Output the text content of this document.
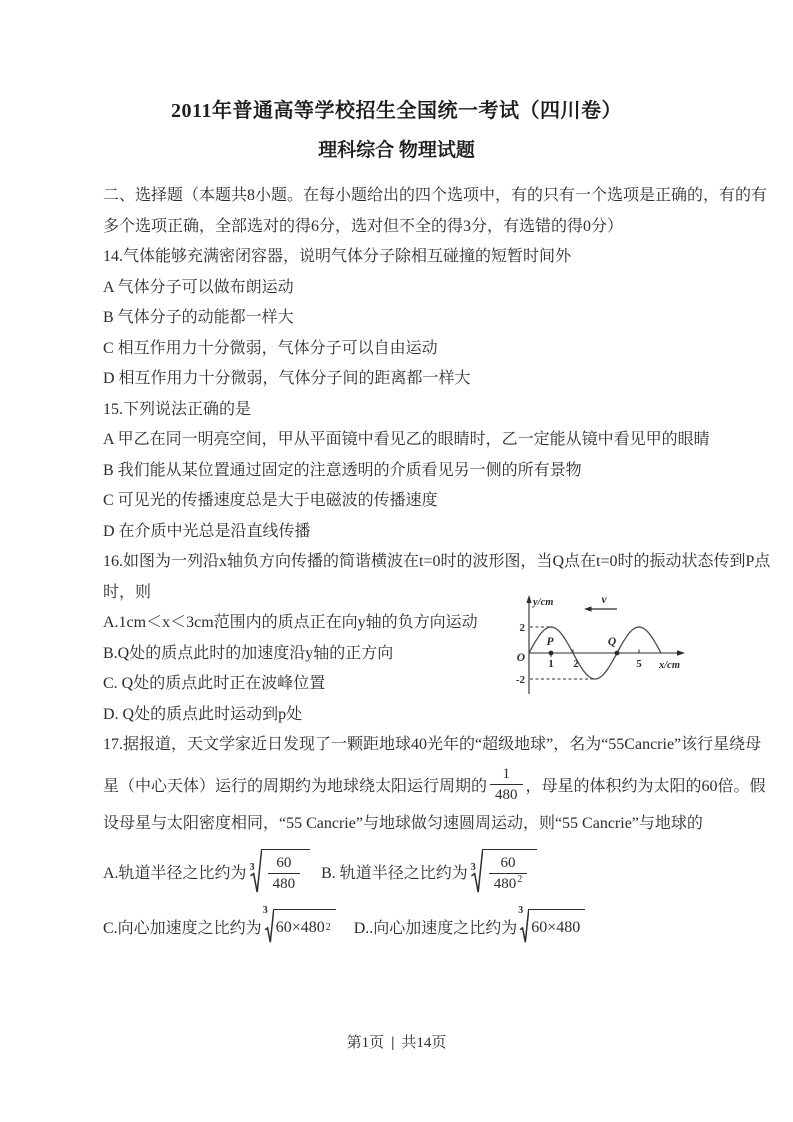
2011年普通高等学校招生全国统一考试（四川卷）
理科综合 物理试题
二、选择题（本题共8小题。在每小题给出的四个选项中，有的只有一个选项是正确的，有的有
多个选项正确，全部选对的得6分，选对但不全的得3分，有选错的得0分）
14.气体能够充满密闭容器，说明气体分子除相互碰撞的短暂时间外
A 气体分子可以做布朗运动
B 气体分子的动能都一样大
C 相互作用力十分微弱，气体分子可以自由运动
D 相互作用力十分微弱，气体分子间的距离都一样大
15.下列说法正确的是
A 甲乙在同一明亮空间，甲从平面镜中看见乙的眼睛时，乙一定能从镜中看见甲的眼睛
B 我们能从某位置通过固定的注意透明的介质看见另一侧的所有景物
C 可见光的传播速度总是大于电磁波的传播速度
D 在介质中光总是沿直线传播
16.如图为一列沿x轴负方向传播的简谐横波在t=0时的波形图，当Q点在t=0时的振动状态传到P点
时，则
A.1cm＜x＜3cm范围内的质点正在向y轴的负方向运动
B.Q处的质点此时的加速度沿y轴的正方向
C. Q处的质点此时正在波峰位置
D. Q处的质点此时运动到p处
y/cm
x/cm
O
2
-2
1 2	5
P	Q
v
17.据报道，天文学家近日发现了一颗距地球40光年的“超级地球”，名为“55Cancrie”该行星绕母
星（中心天体）运行的周期约为地球绕太阳运行周期的 $\frac{1}{480}$ ，母星的体积约为太阳的60倍。假
设母星与太阳密度相同，“55 Cancrie”与地球做匀速圆周运动，则“55 Cancrie”与地球的
A.轨道半径之比约为 $3 \frac{60}{480} B$. 轨道半径之比约为 $3 \frac{60}{480^2}$
C.向心加速度之比约为
3
60×480 2 D..向心加速度之比约为
3
60×480
第1页 | 共14页
